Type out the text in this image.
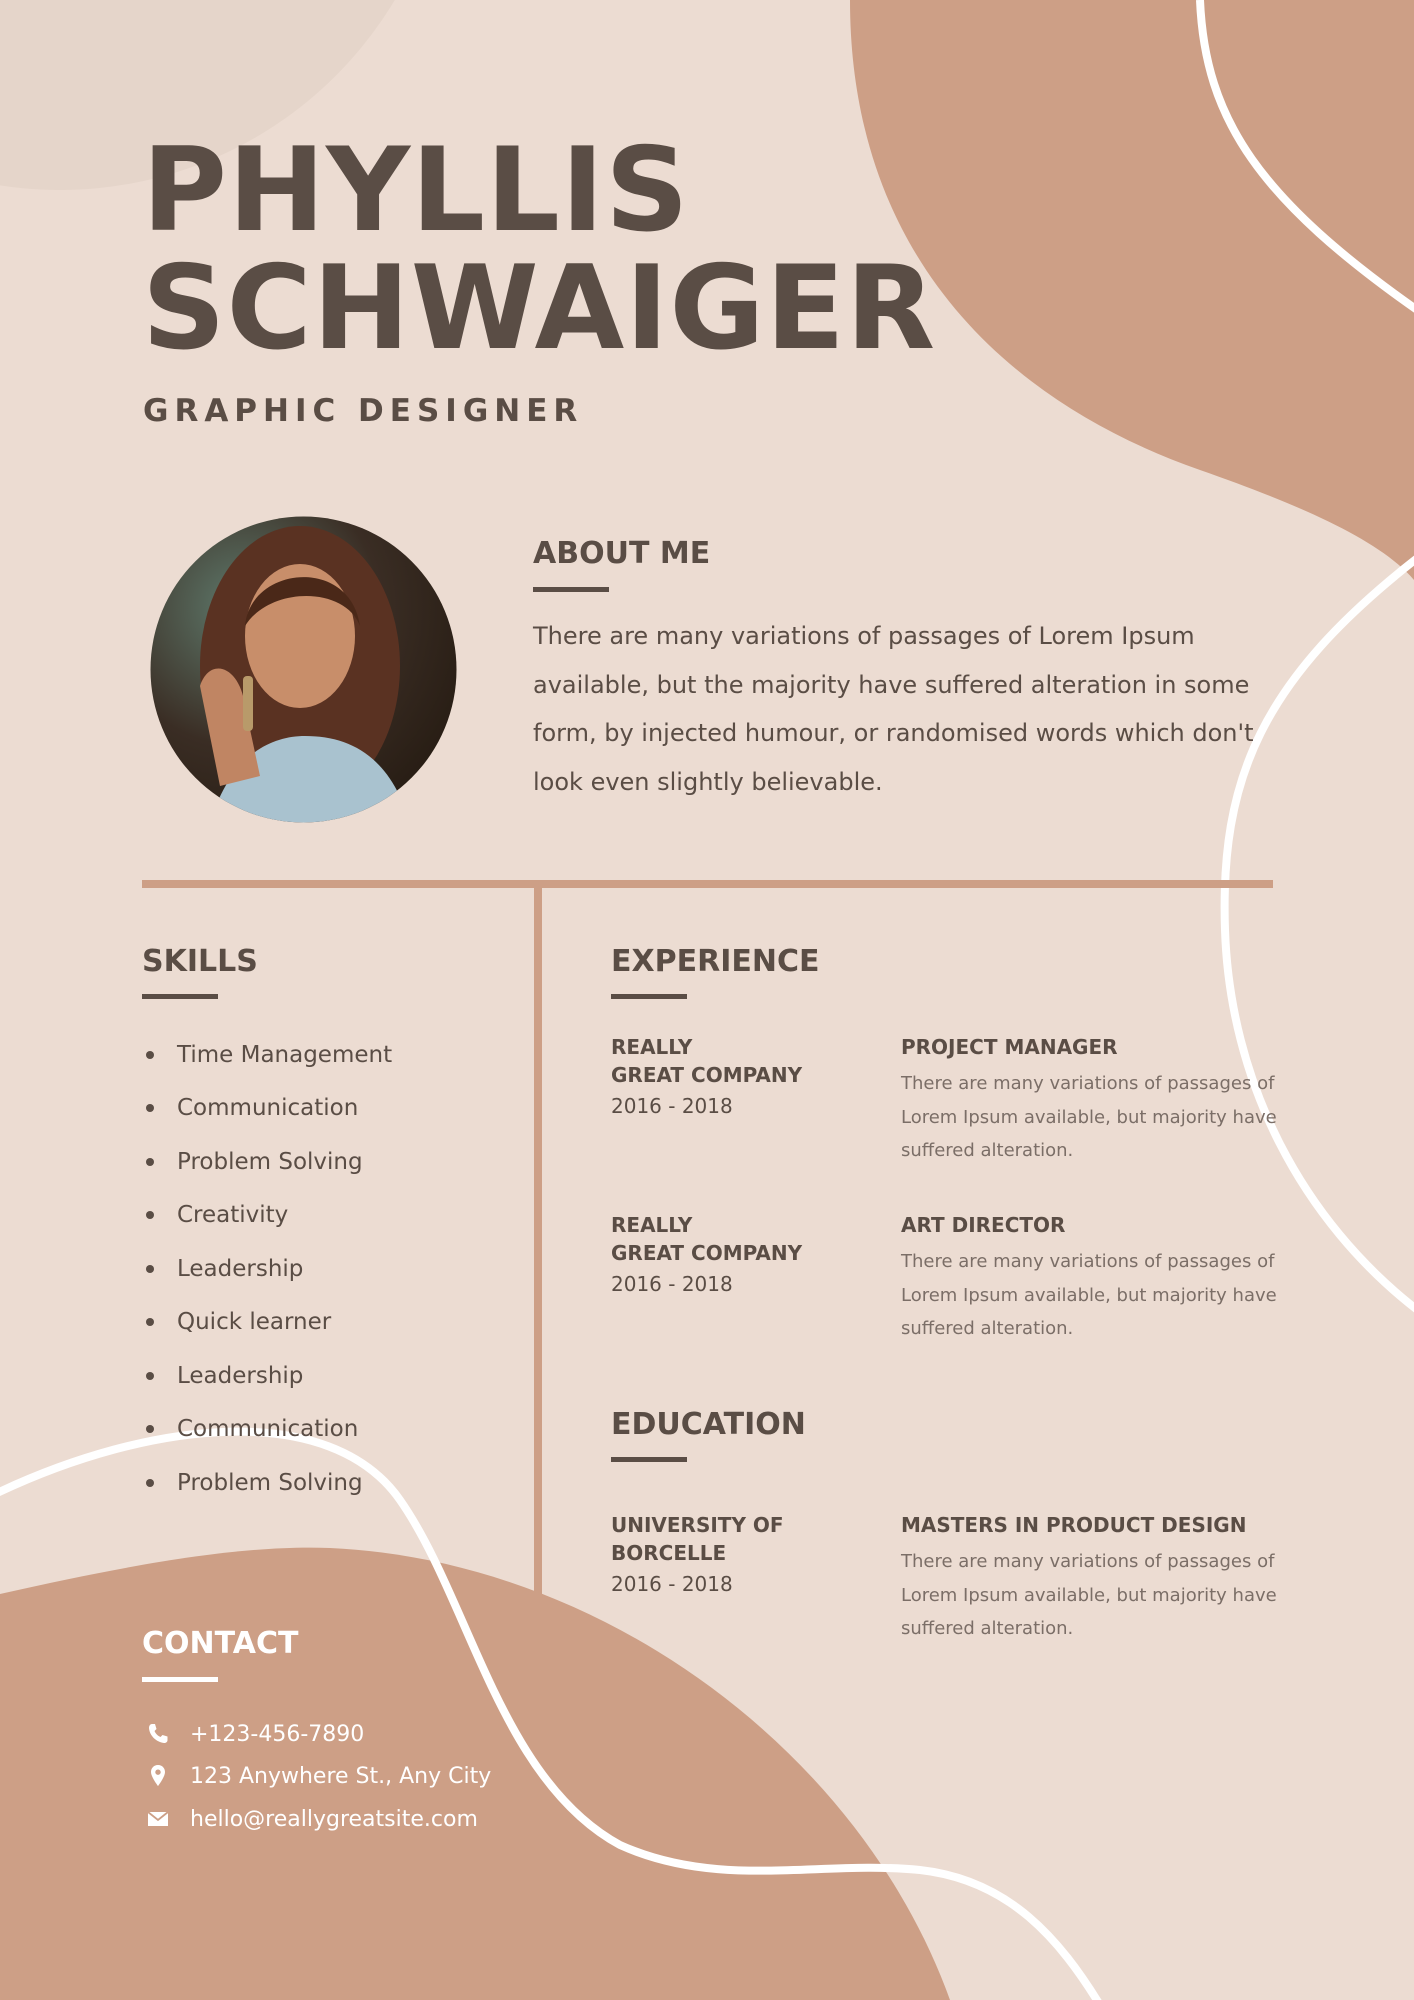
PHYLLIS
SCHWAIGER
GRAPHIC DESIGNER
ABOUT ME
There are many variations of passages of Lorem Ipsum available, but the majority have suffered alteration in some form, by injected humour, or randomised words which don't look even slightly believable.
SKILLS
Time Management
Communication
Problem Solving
Creativity
Leadership
Quick learner
Leadership
Communication
Problem Solving
EXPERIENCE
REALLY
GREAT COMPANY
2016 - 2018
PROJECT MANAGER
There are many variations of passages of Lorem Ipsum available, but majority have suffered alteration.
REALLY
GREAT COMPANY
2016 - 2018
ART DIRECTOR
There are many variations of passages of Lorem Ipsum available, but majority have suffered alteration.
EDUCATION
UNIVERSITY OF
BORCELLE
2016 - 2018
MASTERS IN PRODUCT DESIGN
There are many variations of passages of Lorem Ipsum available, but majority have suffered alteration.
CONTACT
+123-456-7890
123 Anywhere St., Any City
hello@reallygreatsite.com
